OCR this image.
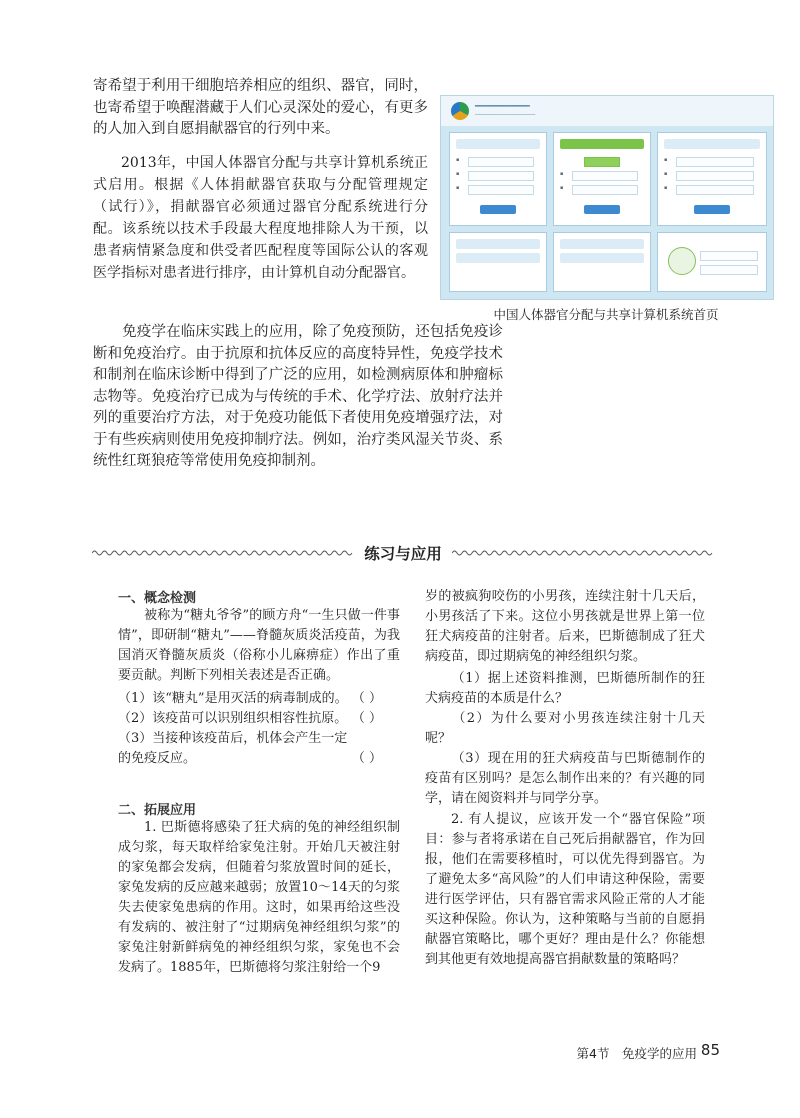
寄希望于利用干细胞培养相应的组织、器官，同时，也寄希望于唤醒潜藏于人们心灵深处的爱心，有更多的人加入到自愿捐献器官的行列中来。

2013年，中国人体器官分配与共享计算机系统正式启用。根据《人体捐献器官获取与分配管理规定（试行）》，捐献器官必须通过器官分配系统进行分配。该系统以技术手段最大程度地排除人为干预，以患者病情紧急度和供受者匹配程度等国际公认的客观医学指标对患者进行排序，由计算机自动分配器官。

━━━━━━━━━━━━━━
────────────────────
▪
▪
▪
▪
▪
▪
▪
▪
中国人体器官分配与共享计算机系统首页

免疫学在临床实践上的应用，除了免疫预防，还包括免疫诊断和免疫治疗。由于抗原和抗体反应的高度特异性，免疫学技术和制剂在临床诊断中得到了广泛的应用，如检测病原体和肿瘤标志物等。免疫治疗已成为与传统的手术、化学疗法、放射疗法并列的重要治疗方法，对于免疫功能低下者使用免疫增强疗法，对于有些疾病则使用免疫抑制疗法。例如，治疗类风湿关节炎、系统性红斑狼疮等常使用免疫抑制剂。

练习与应用
一、概念检测

被称为“糖丸爷爷”的顾方舟“一生只做一件事情”，即研制“糖丸”——脊髓灰质炎活疫苗，为我国消灭脊髓灰质炎（俗称小儿麻痹症）作出了重要贡献。判断下列相关表述是否正确。

（1）该“糖丸”是用灭活的病毒制成的。 （ ）

（2）该疫苗可以识别组织相容性抗原。 （ ）

（3）当接种该疫苗后，机体会产生一定的免疫反应。	（ ）

二、拓展应用

1. 巴斯德将感染了狂犬病的兔的神经组织制成匀浆，每天取样给家兔注射。开始几天被注射的家兔都会发病，但随着匀浆放置时间的延长，家兔发病的反应越来越弱；放置10～14天的匀浆失去使家兔患病的作用。这时，如果再给这些没有发病的、被注射了“过期病兔神经组织匀浆”的家兔注射新鲜病兔的神经组织匀浆，家兔也不会发病了。1885年，巴斯德将匀浆注射给一个9

岁的被疯狗咬伤的小男孩，连续注射十几天后，小男孩活了下来。这位小男孩就是世界上第一位狂犬病疫苗的注射者。后来，巴斯德制成了狂犬病疫苗，即过期病兔的神经组织匀浆。

（1）据上述资料推测，巴斯德所制作的狂犬病疫苗的本质是什么？

（2）为什么要对小男孩连续注射十几天呢？

（3）现在用的狂犬病疫苗与巴斯德制作的疫苗有区别吗？是怎么制作出来的？有兴趣的同学，请在阅资料并与同学分享。

2. 有人提议，应该开发一个“器官保险”项目：参与者将承诺在自己死后捐献器官，作为回报，他们在需要移植时，可以优先得到器官。为了避免太多“高风险”的人们申请这种保险，需要进行医学评估，只有器官需求风险正常的人才能买这种保险。你认为，这种策略与当前的自愿捐献器官策略比，哪个更好？理由是什么？你能想到其他更有效地提高器官捐献数量的策略吗？

第4节　免疫学的应用 85
